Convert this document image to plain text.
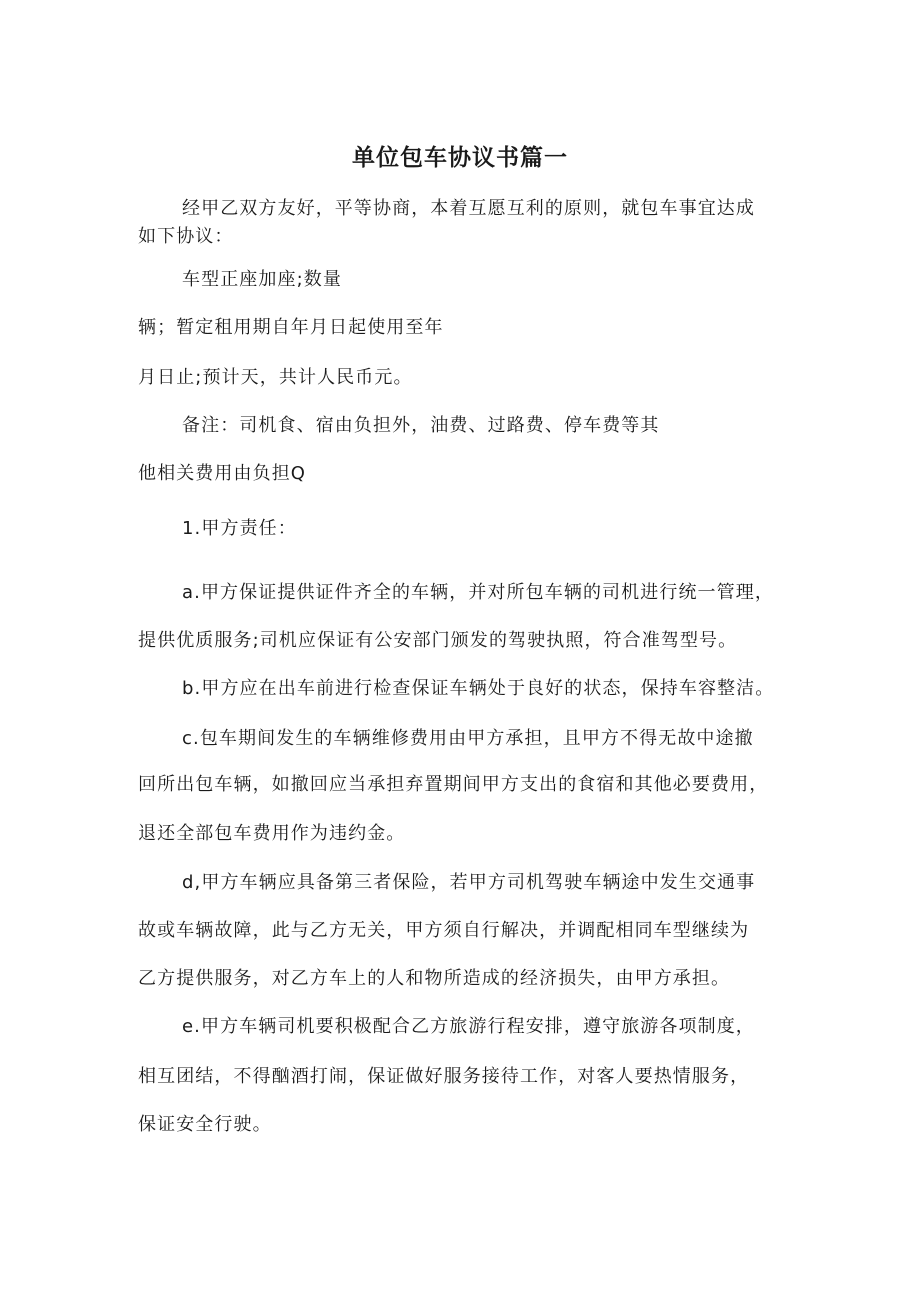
单位包车协议书篇一
经甲乙双方友好，平等协商，本着互愿互利的原则，就包车事宜达成
如下协议：
车型正座加座;数量
辆；暂定租用期自年月日起使用至年
月日止;预计天，共计人民币元。
备注：司机食、宿由负担外，油费、过路费、停车费等其
他相关费用由负担Q
1.甲方责任：
a.甲方保证提供证件齐全的车辆，并对所包车辆的司机进行统一管理，
提供优质服务;司机应保证有公安部门颁发的驾驶执照，符合准驾型号。
b.甲方应在出车前进行检查保证车辆处于良好的状态，保持车容整洁。
c.包车期间发生的车辆维修费用由甲方承担，且甲方不得无故中途撤
回所出包车辆，如撤回应当承担弃置期间甲方支出的食宿和其他必要费用，
退还全部包车费用作为违约金。
d,甲方车辆应具备第三者保险，若甲方司机驾驶车辆途中发生交通事
故或车辆故障，此与乙方无关，甲方须自行解决，并调配相同车型继续为
乙方提供服务，对乙方车上的人和物所造成的经济损失，由甲方承担。
e.甲方车辆司机要积极配合乙方旅游行程安排，遵守旅游各项制度，
相互团结，不得酗酒打闹，保证做好服务接待工作，对客人要热情服务，
保证安全行驶。
